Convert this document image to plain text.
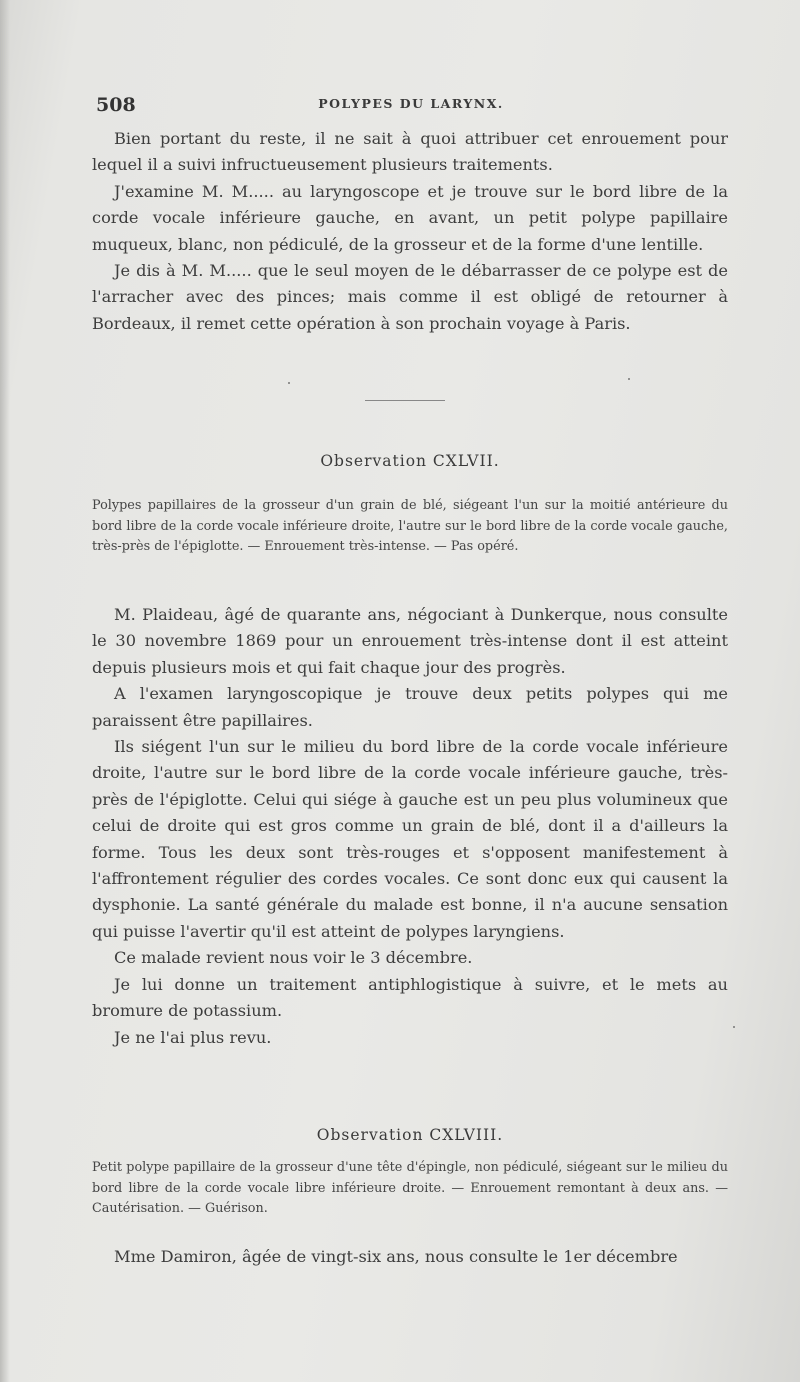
508	POLYPES DU LARYNX.

Bien portant du reste, il ne sait à quoi attribuer cet enrouement pour lequel il a suivi infructueusement plusieurs traitements.

J'examine M. M..... au laryngoscope et je trouve sur le bord libre de la corde vocale inférieure gauche, en avant, un petit polype papillaire muqueux, blanc, non pédiculé, de la grosseur et de la forme d'une lentille.

Je dis à M. M..... que le seul moyen de le débarrasser de ce polype est de l'arracher avec des pinces; mais comme il est obligé de retourner à Bordeaux, il remet cette opération à son prochain voyage à Paris.

Observation CXLVII.
Polypes papillaires de la grosseur d'un grain de blé, siégeant l'un sur la moitié antérieure du bord libre de la corde vocale inférieure droite, l'autre sur le bord libre de la corde vocale gauche, très-près de l'épiglotte. — Enrouement très-intense. — Pas opéré.

M. Plaideau, âgé de quarante ans, négociant à Dunkerque, nous consulte le 30 novembre 1869 pour un enrouement très-intense dont il est atteint depuis plusieurs mois et qui fait chaque jour des progrès.

A l'examen laryngoscopique je trouve deux petits polypes qui me paraissent être papillaires.

Ils siégent l'un sur le milieu du bord libre de la corde vocale inférieure droite, l'autre sur le bord libre de la corde vocale inférieure gauche, très-près de l'épiglotte. Celui qui siége à gauche est un peu plus volumineux que celui de droite qui est gros comme un grain de blé, dont il a d'ailleurs la forme. Tous les deux sont très-rouges et s'opposent manifestement à l'affrontement régulier des cordes vocales. Ce sont donc eux qui causent la dysphonie. La santé générale du malade est bonne, il n'a aucune sensation qui puisse l'avertir qu'il est atteint de polypes laryngiens.

Ce malade revient nous voir le 3 décembre.

Je lui donne un traitement antiphlogistique à suivre, et le mets au bromure de potassium.

Je ne l'ai plus revu.

Observation CXLVIII.
Petit polype papillaire de la grosseur d'une tête d'épingle, non pédiculé, siégeant sur le milieu du bord libre de la corde vocale libre inférieure droite. — Enrouement remontant à deux ans. — Cautérisation. — Guérison.

Mme Damiron, âgée de vingt-six ans, nous consulte le 1er décembre
